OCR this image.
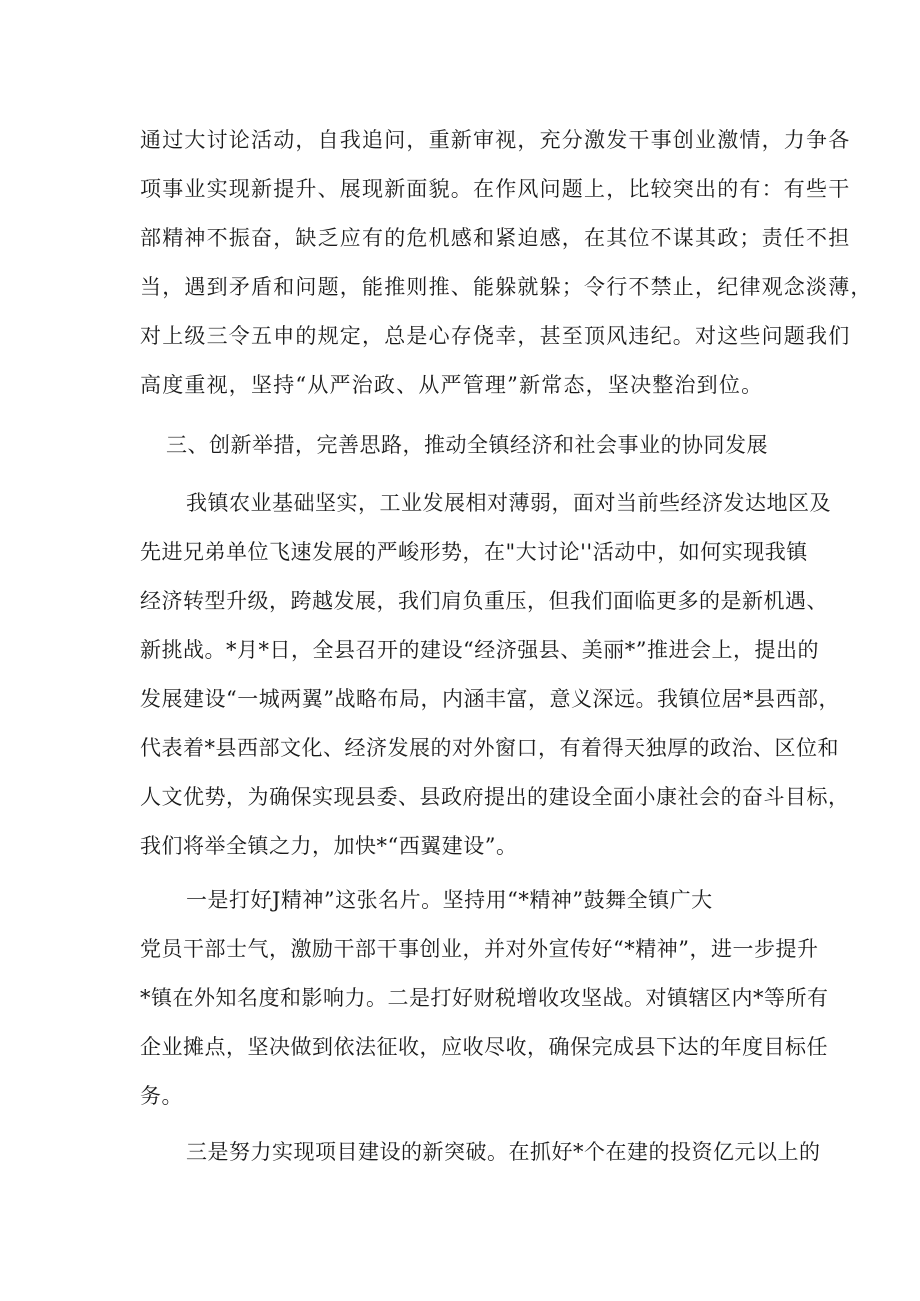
通过大讨论活动，自我追问，重新审视，充分激发干事创业激情，力争各
项事业实现新提升、展现新面貌。在作风问题上，比较突出的有：有些干
部精神不振奋，缺乏应有的危机感和紧迫感，在其位不谋其政；责任不担
当，遇到矛盾和问题，能推则推、能躲就躲；令行不禁止，纪律观念淡薄，
对上级三令五申的规定，总是心存侥幸，甚至顶风违纪。对这些问题我们
高度重视，坚持“从严治政、从严管理”新常态，坚决整治到位。
三、创新举措，完善思路，推动全镇经济和社会事业的协同发展
我镇农业基础坚实，工业发展相对薄弱，面对当前些经济发达地区及
先进兄弟单位飞速发展的严峻形势，在"大讨论''活动中，如何实现我镇
经济转型升级，跨越发展，我们肩负重压，但我们面临更多的是新机遇、
新挑战。*月*日，全县召开的建设“经济强县、美丽*”推进会上，提出的
发展建设“一城两翼”战略布局，内涵丰富，意义深远。我镇位居*县西部，
代表着*县西部文化、经济发展的对外窗口，有着得天独厚的政治、区位和
人文优势，为确保实现县委、县政府提出的建设全面小康社会的奋斗目标，
我们将举全镇之力，加快*“西翼建设”。
一是打好J精神”这张名片。坚持用“*精神”鼓舞全镇广大
党员干部士气，激励干部干事创业，并对外宣传好“*精神”，进一步提升
*镇在外知名度和影响力。二是打好财税增收攻坚战。对镇辖区内*等所有
企业摊点，坚决做到依法征收，应收尽收，确保完成县下达的年度目标任
务。
三是努力实现项目建设的新突破。在抓好*个在建的投资亿元以上的
